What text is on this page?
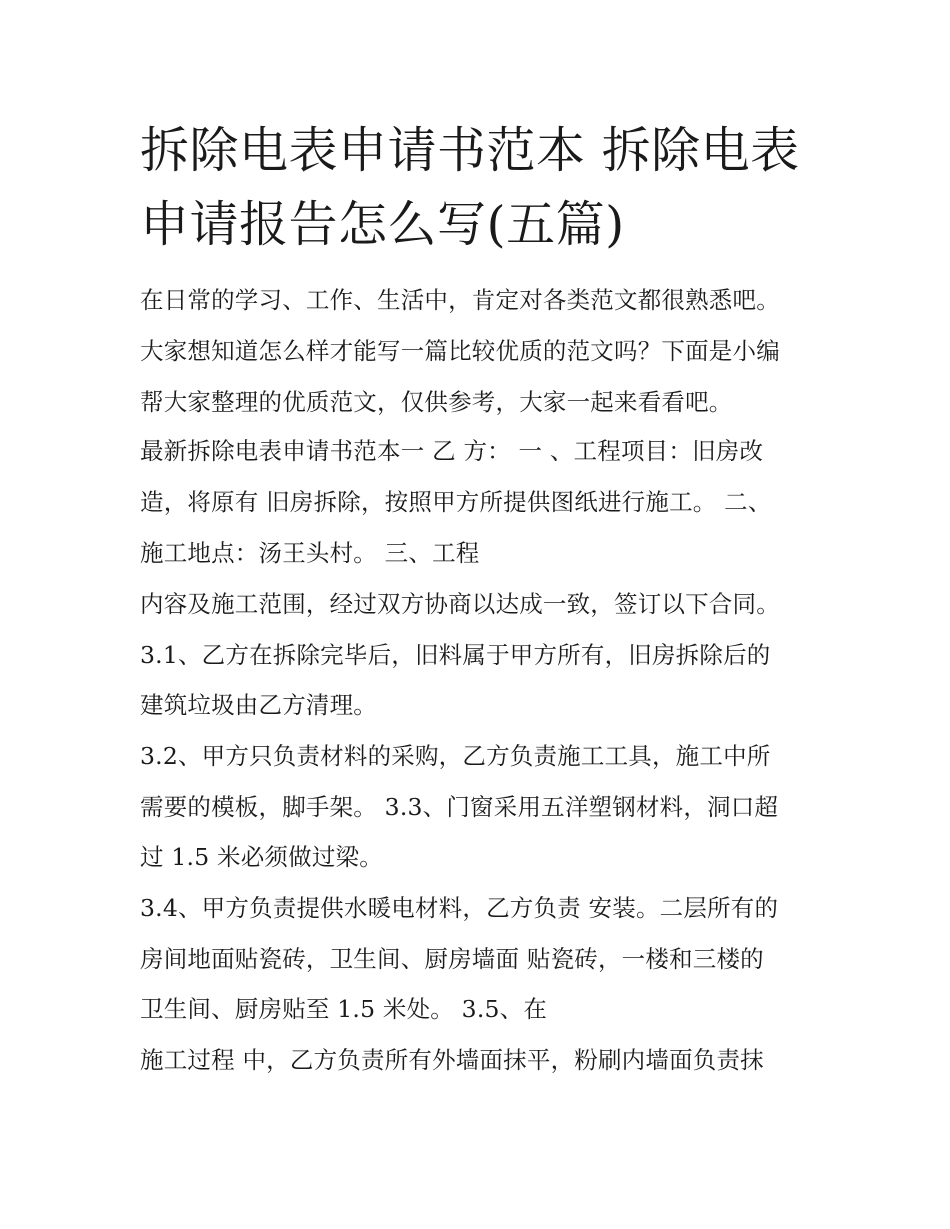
拆除电表申请书范本 拆除电表
申请报告怎么写(五篇)
在日常的学习、工作、生活中，肯定对各类范文都很熟悉吧。
大家想知道怎么样才能写一篇比较优质的范文吗？下面是小编
帮大家整理的优质范文，仅供参考，大家一起来看看吧。
最新拆除电表申请书范本一 乙 方： 一 、工程项目：旧房改
造，将原有 旧房拆除，按照甲方所提供图纸进行施工。 二、
施工地点：汤王头村。 三、工程
内容及施工范围，经过双方协商以达成一致，签订以下合同。
3.1、乙方在拆除完毕后，旧料属于甲方所有，旧房拆除后的
建筑垃圾由乙方清理。
3.2、甲方只负责材料的采购，乙方负责施工工具，施工中所
需要的模板，脚手架。 3.3、门窗采用五洋塑钢材料，洞口超
过 1.5 米必须做过梁。
3.4、甲方负责提供水暖电材料，乙方负责 安装。二层所有的
房间地面贴瓷砖，卫生间、厨房墙面 贴瓷砖，一楼和三楼的
卫生间、厨房贴至 1.5 米处。 3.5、在
施工过程 中，乙方负责所有外墙面抹平，粉刷内墙面负责抹
